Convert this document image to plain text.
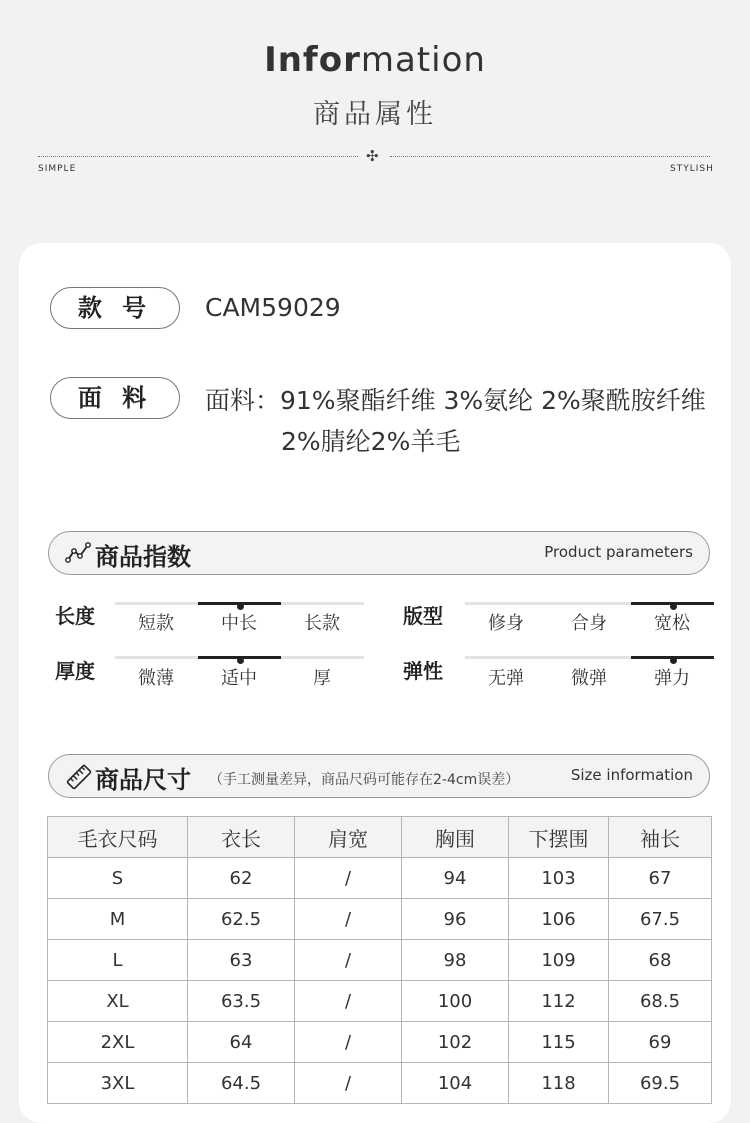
Information
商品属性
✣
SIMPLE	STYLISH
款 号	CAM59029
面 料	面料：91%聚酯纤维 3%氨纶 2%聚酰胺纤维
2%腈纶2%羊毛
商品指数	Product parameters
长度	短款	中长	长款	版型	修身	合身	宽松
厚度	微薄	适中	厚	弹性	无弹	微弹	弹力
商品尺寸 （手工测量差异，商品尺码可能存在2-4cm误差）	Size information
毛衣尺码	衣长	肩宽	胸围	下摆围	袖长
S	62	/	94	103	67
M	62.5	/	96	106	67.5
L	63	/	98	109	68
XL	63.5	/	100	112	68.5
2XL	64	/	102	115	69
3XL	64.5	/	104	118	69.5
